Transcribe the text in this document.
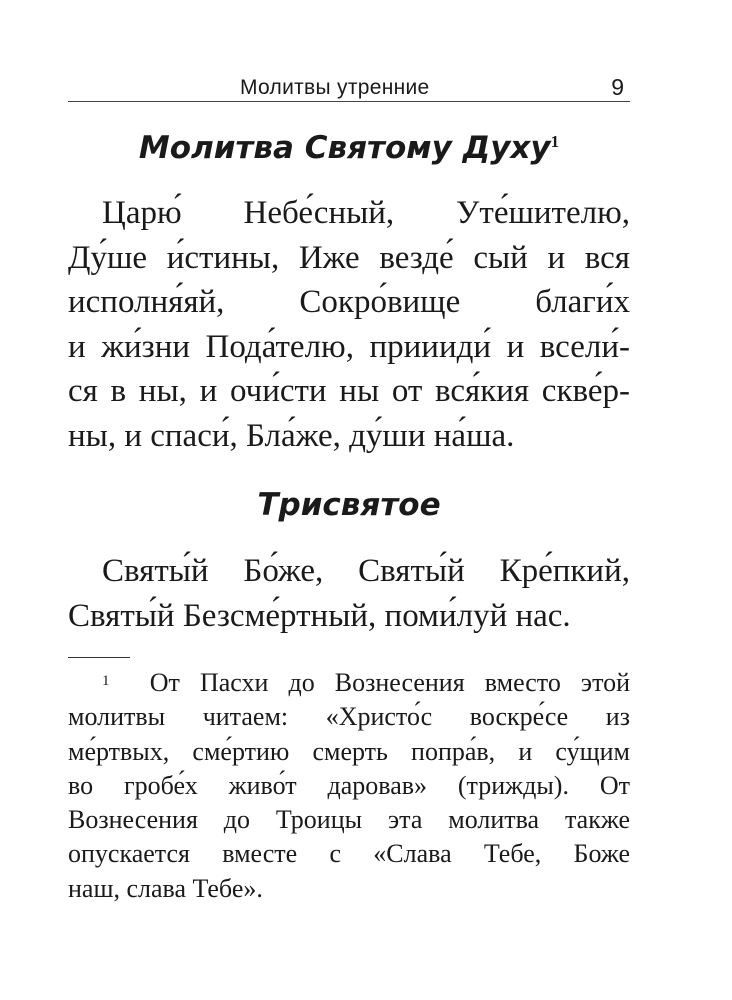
Молитвы утренние	9
Молитва Святому Духу$^1$
Царю́ Небе́сный, Уте́шителю,
Ду́ше и́стины, Иже везде́ сый и вся
исполня́яй, Сокро́вище благи́х
и жи́зни Пода́телю, приииди́ и всели́-
ся в ны, и очи́сти ны от вся́кия скве́р-
ны, и спаси́, Бла́же, ду́ши на́ша.
Трисвятое
Святы́й Бо́же, Святы́й Кре́пкий,
Святы́й Безсме́ртный, поми́луй нас.
$^1$ От Пасхи до Вознесения вместо этой
молитвы читаем: «Христо́с воскре́се из
ме́ртвых, сме́ртию смерть попра́в, и су́щим
во гробе́х живо́т даровав» (трижды). От
Вознесения до Троицы эта молитва также
опускается вместе с «Слава Тебе, Боже
наш, слава Тебе».
